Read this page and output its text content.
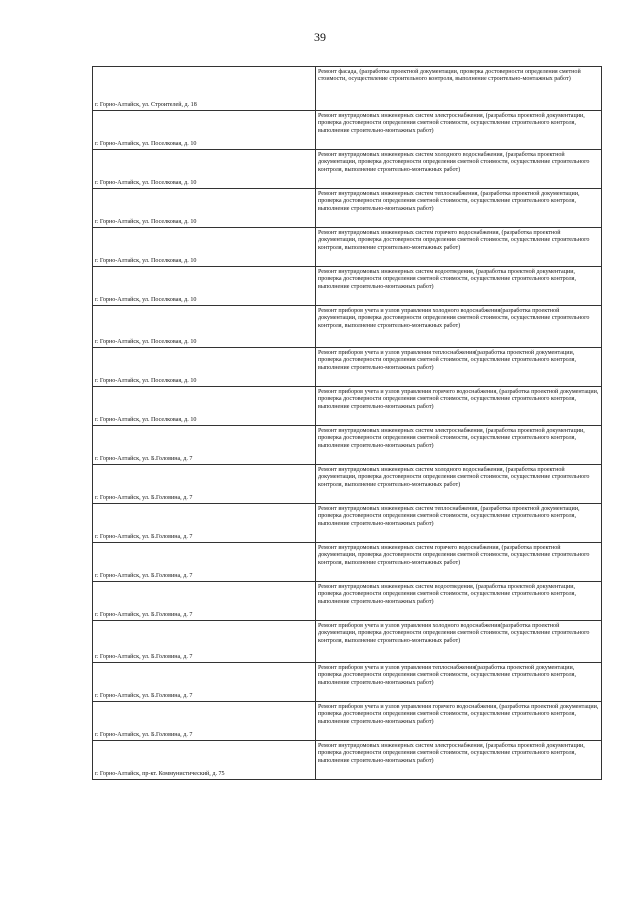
39
г. Горно-Алтайск, ул. Строителей, д. 18	Ремонт фасада, (разработка проектной документации, проверка достоверности определения сметной стоимости, осуществление строительного контроля, выполнение строительно-монтажных работ)
г. Горно-Алтайск, ул. Поселковая, д. 10	Ремонт внутридомовых инженерных систем электроснабжения, (разработка проектной документации, проверка достоверности определения сметной стоимости, осуществление строительного контроля, выполнение строительно-монтажных работ)
г. Горно-Алтайск, ул. Поселковая, д. 10	Ремонт внутридомовых инженерных систем холодного водоснабжения, (разработка проектной документации, проверка достоверности определения сметной стоимости, осуществление строительного контроля, выполнение строительно-монтажных работ)
г. Горно-Алтайск, ул. Поселковая, д. 10	Ремонт внутридомовых инженерных систем теплоснабжения, (разработка проектной документации, проверка достоверности определения сметной стоимости, осуществление строительного контроля, выполнение строительно-монтажных работ)
г. Горно-Алтайск, ул. Поселковая, д. 10	Ремонт внутридомовых инженерных систем горячего водоснабжения, (разработка проектной документации, проверка достоверности определения сметной стоимости, осуществление строительного контроля, выполнение строительно-монтажных работ)
г. Горно-Алтайск, ул. Поселковая, д. 10	Ремонт внутридомовых инженерных систем водоотведения, (разработка проектной документации, проверка достоверности определения сметной стоимости, осуществление строительного контроля, выполнение строительно-монтажных работ)
г. Горно-Алтайск, ул. Поселковая, д. 10	Ремонт приборов учета и узлов управления холодного водоснабжения(разработка проектной документации, проверка достоверности определения сметной стоимости, осуществление строительного контроля, выполнение строительно-монтажных работ)
г. Горно-Алтайск, ул. Поселковая, д. 10	Ремонт приборов учета и узлов управления теплоснабжения(разработка проектной документации, проверка достоверности определения сметной стоимости, осуществление строительного контроля, выполнение строительно-монтажных работ)
г. Горно-Алтайск, ул. Поселковая, д. 10	Ремонт приборов учета и узлов управления горячего водоснабжения, (разработка проектной документации, проверка достоверности определения сметной стоимости, осуществление строительного контроля, выполнение строительно-монтажных работ)
г. Горно-Алтайск, ул. Б.Головина, д. 7	Ремонт внутридомовых инженерных систем электроснабжения, (разработка проектной документации, проверка достоверности определения сметной стоимости, осуществление строительного контроля, выполнение строительно-монтажных работ)
г. Горно-Алтайск, ул. Б.Головина, д. 7	Ремонт внутридомовых инженерных систем холодного водоснабжения, (разработка проектной документации, проверка достоверности определения сметной стоимости, осуществление строительного контроля, выполнение строительно-монтажных работ)
г. Горно-Алтайск, ул. Б.Головина, д. 7	Ремонт внутридомовых инженерных систем теплоснабжения, (разработка проектной документации, проверка достоверности определения сметной стоимости, осуществление строительного контроля, выполнение строительно-монтажных работ)
г. Горно-Алтайск, ул. Б.Головина, д. 7	Ремонт внутридомовых инженерных систем горячего водоснабжения, (разработка проектной документации, проверка достоверности определения сметной стоимости, осуществление строительного контроля, выполнение строительно-монтажных работ)
г. Горно-Алтайск, ул. Б.Головина, д. 7	Ремонт внутридомовых инженерных систем водоотведения, (разработка проектной документации, проверка достоверности определения сметной стоимости, осуществление строительного контроля, выполнение строительно-монтажных работ)
г. Горно-Алтайск, ул. Б.Головина, д. 7	Ремонт приборов учета и узлов управления холодного водоснабжения(разработка проектной документации, проверка достоверности определения сметной стоимости, осуществление строительного контроля, выполнение строительно-монтажных работ)
г. Горно-Алтайск, ул. Б.Головина, д. 7	Ремонт приборов учета и узлов управления теплоснабжения(разработка проектной документации, проверка достоверности определения сметной стоимости, осуществление строительного контроля, выполнение строительно-монтажных работ)
г. Горно-Алтайск, ул. Б.Головина, д. 7	Ремонт приборов учета и узлов управления горячего водоснабжения, (разработка проектной документации, проверка достоверности определения сметной стоимости, осуществление строительного контроля, выполнение строительно-монтажных работ)
г. Горно-Алтайск, пр-кт. Коммунистический, д. 75	Ремонт внутридомовых инженерных систем электроснабжения, (разработка проектной документации, проверка достоверности определения сметной стоимости, осуществление строительного контроля, выполнение строительно-монтажных работ)
